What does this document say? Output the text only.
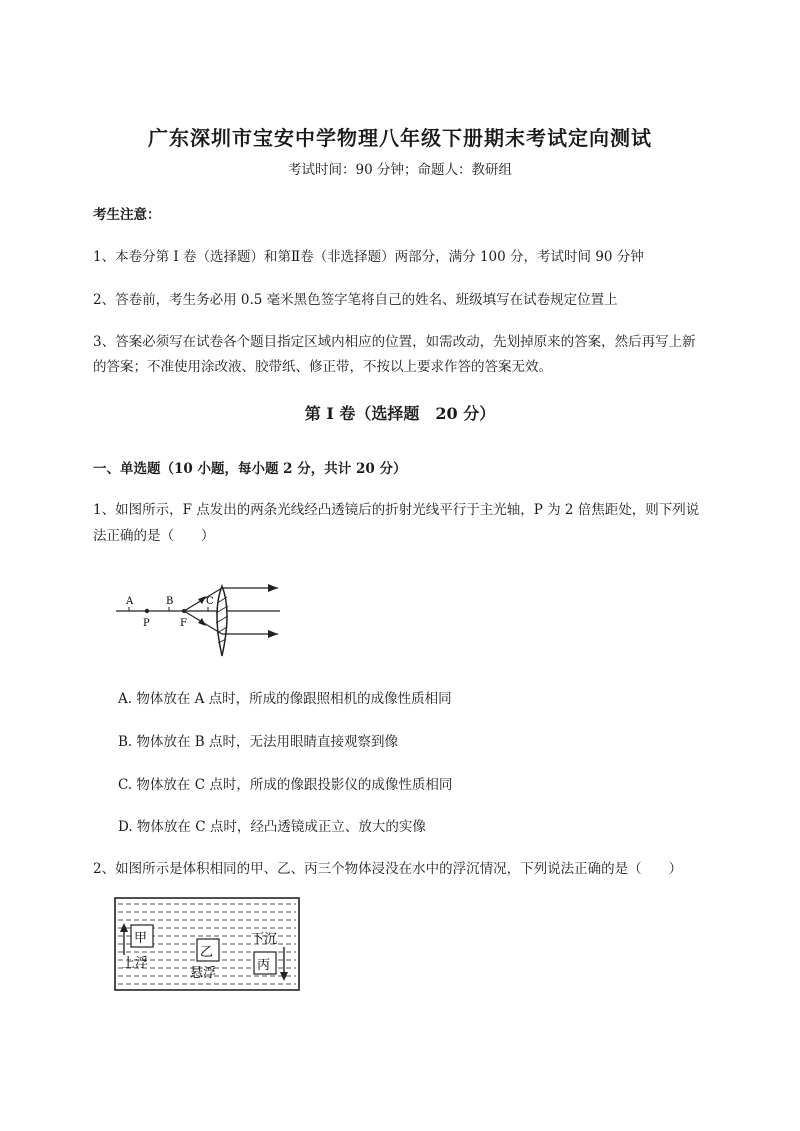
广东深圳市宝安中学物理八年级下册期末考试定向测试
考试时间：90 分钟；命题人：教研组
考生注意：
1、本卷分第 I 卷（选择题）和第Ⅱ卷（非选择题）两部分，满分 100 分，考试时间 90 分钟
2、答卷前，考生务必用 0.5 毫米黑色签字笔将自己的姓名、班级填写在试卷规定位置上
3、答案必须写在试卷各个题目指定区域内相应的位置，如需改动，先划掉原来的答案，然后再写上新
的答案；不准使用涂改液、胶带纸、修正带，不按以上要求作答的答案无效。
第 I 卷（选择题　20 分）
一、单选题（10 小题，每小题 2 分，共计 20 分）
1、如图所示，F 点发出的两条光线经凸透镜后的折射光线平行于主光轴，P 为 2 倍焦距处，则下列说
法正确的是（　　）
A
P
B
F
C
A. 物体放在 A 点时，所成的像跟照相机的成像性质相同
B. 物体放在 B 点时，无法用眼睛直接观察到像
C. 物体放在 C 点时，所成的像跟投影仪的成像性质相同
D. 物体放在 C 点时，经凸透镜成正立、放大的实像
2、如图所示是体积相同的甲、乙、丙三个物体浸没在水中的浮沉情况，下列说法正确的是（　　）
甲
上浮
乙
悬浮
下沉
丙
